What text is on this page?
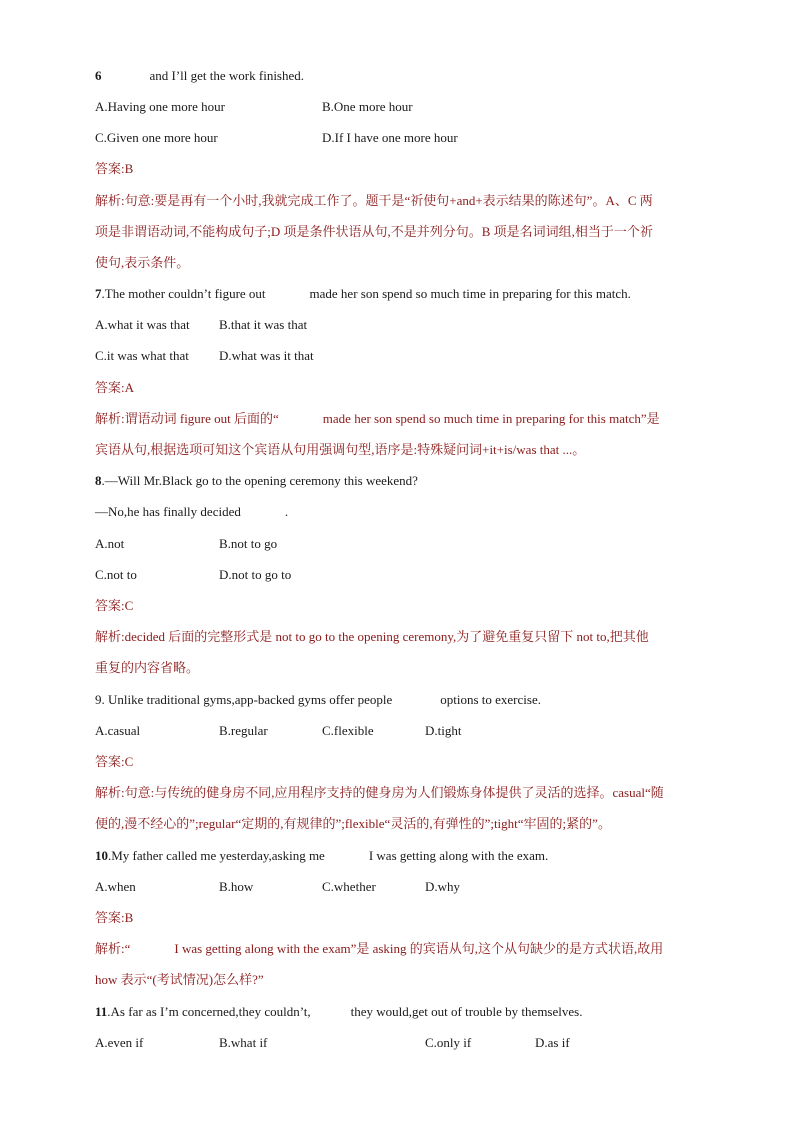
6	and I’ll get the work finished.
A.Having one more hour	B.One more hour
C.Given one more hour	D.If I have one more hour
答案:B
解析:句意:要是再有一个小时,我就完成工作了。题干是“祈使句+and+表示结果的陈述句”。A、C 两
项是非谓语动词,不能构成句子;D 项是条件状语从句,不是并列分句。B 项是名词词组,相当于一个祈
使句,表示条件。
7.The mother couldn’t figure out	made her son spend so much time in preparing for this match.
A.what it was that B.that it was that
C.it was what that D.what was it that
答案:A
解析:谓语动词 figure out 后面的“	made her son spend so much time in preparing for this match”是
宾语从句,根据选项可知这个宾语从句用强调句型,语序是:特殊疑问词+it+is/was that ...。
8.—Will Mr.Black go to the opening ceremony this weekend?
—No,he has finally decided	.
A.not	B.not to go
C.not to	D.not to go to
答案:C
解析:decided 后面的完整形式是 not to go to the opening ceremony,为了避免重复只留下 not to,把其他
重复的内容省略。
9. Unlike traditional gyms,app-backed gyms offer people	options to exercise.
A.casual	B.regular	C.flexible	D.tight
答案:C
解析:句意:与传统的健身房不同,应用程序支持的健身房为人们锻炼身体提供了灵活的选择。casual“随
便的,漫不经心的”;regular“定期的,有规律的”;flexible“灵活的,有弹性的”;tight“牢固的;紧的”。
10.My father called me yesterday,asking me	I was getting along with the exam.
A.when	B.how	C.whether	D.why
答案:B
解析:“	I was getting along with the exam”是 asking 的宾语从句,这个从句缺少的是方式状语,故用
how 表示“(考试情况)怎么样?”
11.As far as I’m concerned,they couldn’t,	they would,get out of trouble by themselves.
A.even if	B.what if	C.only if	D.as if
